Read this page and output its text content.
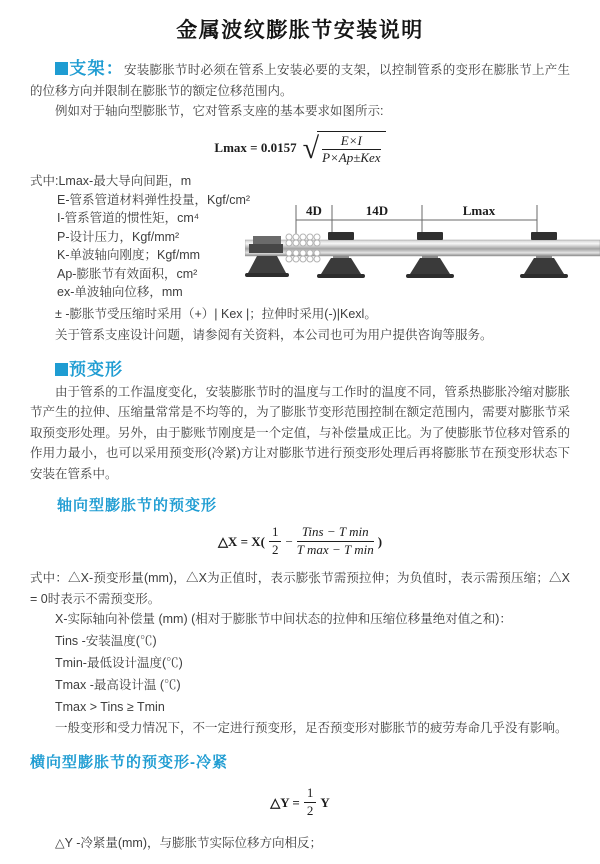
金属波纹膨胀节安装说明

支架：安装膨胀节时必须在管系上安装必要的支架，以控制管系的变形在膨胀节上产生的位移方向并限制在膨胀节的额定位移范围内。

例如对于轴向型膨胀节，它对管系支座的基本要求如图所示:

Lmax = 0.0157 √ $\frac{E\times I}{\text{P×Ap±Kex}}$
式中:Lmax-最大导向间距，m
E-管系管道材料弹性投量，Kgf/cm²
I-管系管道的惯性矩，cm⁴
P-设计压力，Kgf/mm²
K-单波轴向刚度；Kgf/mm
Ap-膨胀节有效面积，cm²
ex-单波轴向位移，mm
4D	14D	Lmax

± -膨胀节受压缩时采用（+）| Kex |；拉伸时采用(-)|Kexl。

关于管系支座设计问题，请参阅有关资料，本公司也可为用户提供咨询等服务。

预变形

由于管系的工作温度变化，安装膨胀节时的温度与工作时的温度不同，管系热膨胀冷缩对膨胀节产生的拉伸、压缩量常常是不均等的，为了膨胀节变形范围控制在额定范围内，需要对膨胀节采取预变形处理。另外，由于膨账节刚度是一个定值，与补偿量成正比。为了使膨胀节位移对管系的作用力最小，也可以采用预变形(冷紧)方让对膨胀节进行预变形处理后再将膨胀节在预变形状态下安装在管系中。

轴向型膨胀节的预变形

△X = $X( \frac{1}{2} - \frac{\text{Tins − T min}}{\text{T max − T min}}$ )

式中：△X-预变形量(mm)，△X为正值时，表示膨张节需预拉伸；为负值时，表示需预压缩；△X = 0时表示不需预变形。

X-实际轴向补偿量 (mm) (相对于膨胀节中间状态的拉伸和压缩位移量绝对值之和)：

Tins -安装温度(℃)

Tmin-最低设计温度(℃)

Tmax -最高设计温 (℃)

Tmax > Tins ≥ Tmin

一般变形和受力情况下，不一定进行预变形，足否预变形对膨胀节的疲劳寿命几乎没有影响。

横向型膨胀节的预变形-冷紧

△Y = $\frac{1}{2}$ Y

△Y -冷紧量(mm)，与膨胀节实际位移方向相反；
